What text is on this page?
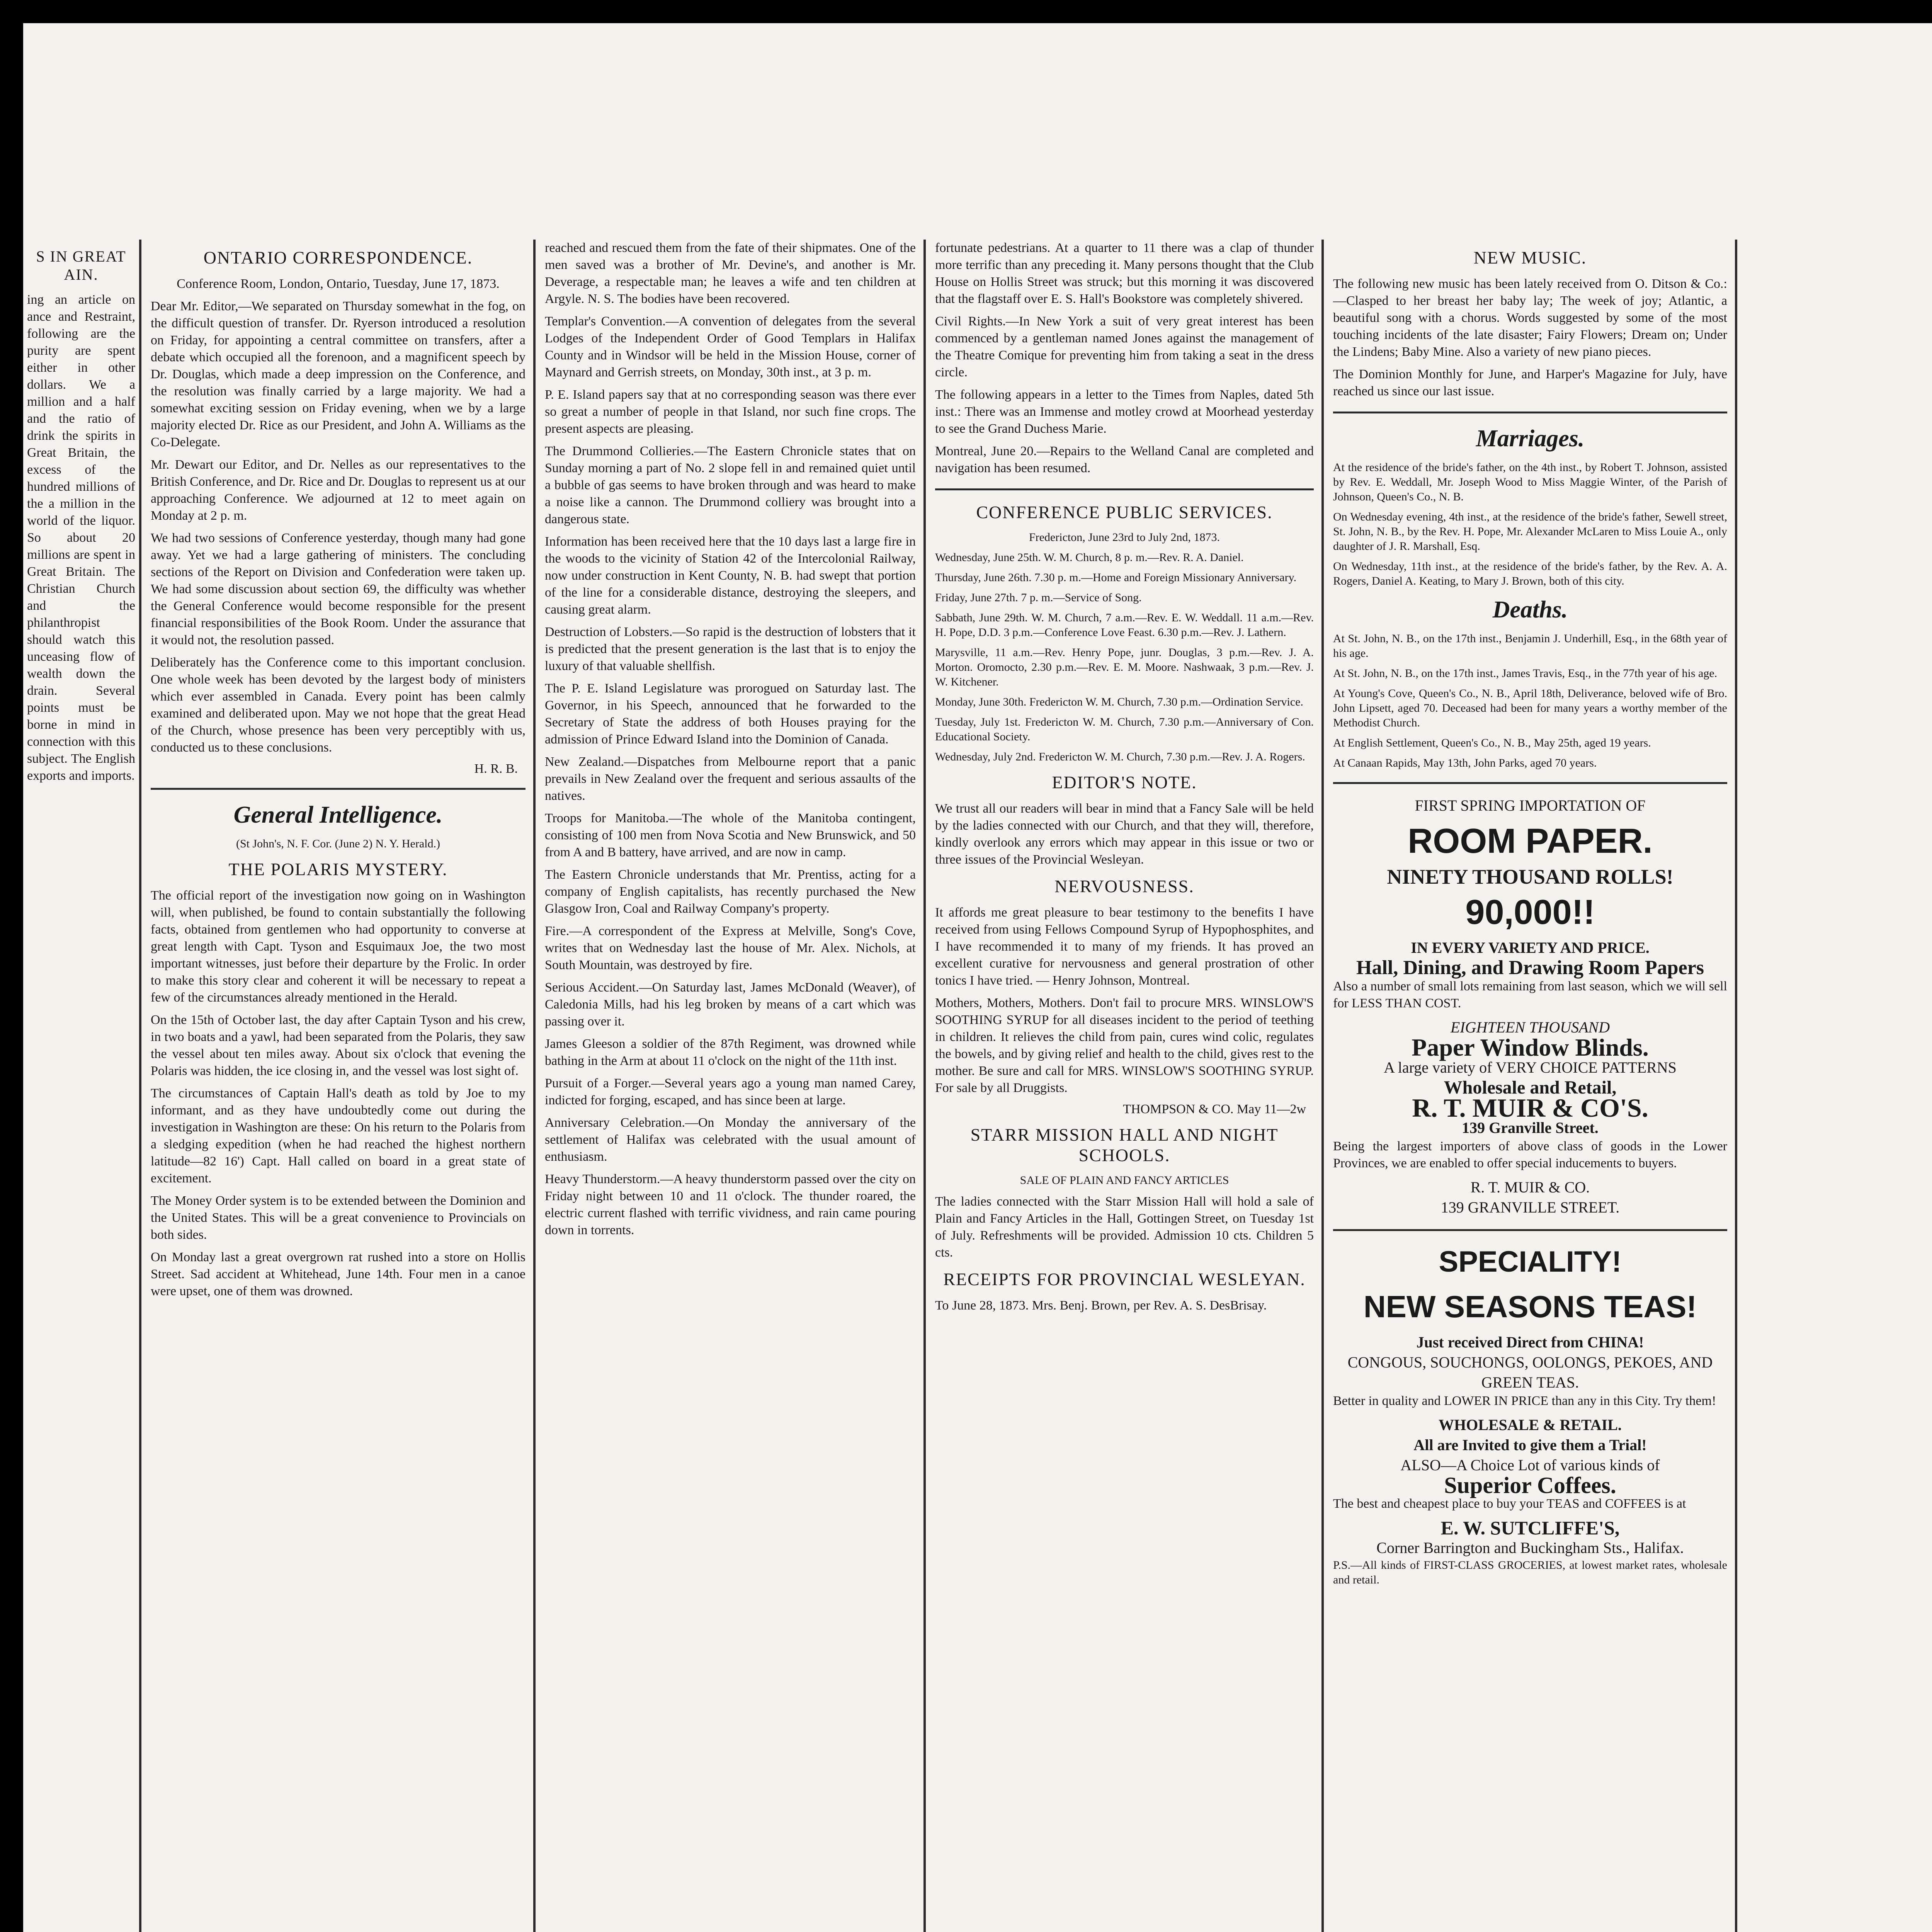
S IN GREAT AIN.

ing an article on ance and Restraint, following are the purity are spent either in other dollars. We a million and a half and the ratio of drink the spirits in Great Britain, the excess of the hundred millions of the a million in the world of the liquor. So about 20 millions are spent in Great Britain. The Christian Church and the philanthropist should watch this unceasing flow of wealth down the drain. Several points must be borne in mind in connection with this subject. The English exports and imports.

ONTARIO CORRESPONDENCE.

Conference Room, London, Ontario, Tuesday, June 17, 1873.

Dear Mr. Editor,—We separated on Thursday somewhat in the fog, on the difficult question of transfer. Dr. Ryerson introduced a resolution on Friday, for appointing a central committee on transfers, after a debate which occupied all the forenoon, and a magnificent speech by Dr. Douglas, which made a deep impression on the Conference, and the resolution was finally carried by a large majority. We had a somewhat exciting session on Friday evening, when we by a large majority elected Dr. Rice as our President, and John A. Williams as the Co-Delegate.

Mr. Dewart our Editor, and Dr. Nelles as our representatives to the British Conference, and Dr. Rice and Dr. Douglas to represent us at our approaching Conference. We adjourned at 12 to meet again on Monday at 2 p. m.

We had two sessions of Conference yesterday, though many had gone away. Yet we had a large gathering of ministers. The concluding sections of the Report on Division and Confederation were taken up. We had some discussion about section 69, the difficulty was whether the General Conference would become responsible for the present financial responsibilities of the Book Room. Under the assurance that it would not, the resolution passed.

Deliberately has the Conference come to this important conclusion. One whole week has been devoted by the largest body of ministers which ever assembled in Canada. Every point has been calmly examined and deliberated upon. May we not hope that the great Head of the Church, whose presence has been very perceptibly with us, conducted us to these conclusions.

H. R. B.

General Intelligence.

(St John's, N. F. Cor. (June 2) N. Y. Herald.)

THE POLARIS MYSTERY.

The official report of the investigation now going on in Washington will, when published, be found to contain substantially the following facts, obtained from gentlemen who had opportunity to converse at great length with Capt. Tyson and Esquimaux Joe, the two most important witnesses, just before their departure by the Frolic. In order to make this story clear and coherent it will be necessary to repeat a few of the circumstances already mentioned in the Herald.

On the 15th of October last, the day after Captain Tyson and his crew, in two boats and a yawl, had been separated from the Polaris, they saw the vessel about ten miles away. About six o'clock that evening the Polaris was hidden, the ice closing in, and the vessel was lost sight of.

The circumstances of Captain Hall's death as told by Joe to my informant, and as they have undoubtedly come out during the investigation in Washington are these: On his return to the Polaris from a sledging expedition (when he had reached the highest northern latitude—82 16') Capt. Hall called on board in a great state of excitement.

The Money Order system is to be extended between the Dominion and the United States. This will be a great convenience to Provincials on both sides.

On Monday last a great overgrown rat rushed into a store on Hollis Street. Sad accident at Whitehead, June 14th. Four men in a canoe were upset, one of them was drowned.

reached and rescued them from the fate of their shipmates. One of the men saved was a brother of Mr. Devine's, and another is Mr. Deverage, a respectable man; he leaves a wife and ten children at Argyle. N. S. The bodies have been recovered.

Templar's Convention.—A convention of delegates from the several Lodges of the Independent Order of Good Templars in Halifax County and in Windsor will be held in the Mission House, corner of Maynard and Gerrish streets, on Monday, 30th inst., at 3 p. m.

P. E. Island papers say that at no corresponding season was there ever so great a number of people in that Island, nor such fine crops. The present aspects are pleasing.

The Drummond Collieries.—The Eastern Chronicle states that on Sunday morning a part of No. 2 slope fell in and remained quiet until a bubble of gas seems to have broken through and was heard to make a noise like a cannon. The Drummond colliery was brought into a dangerous state.

Information has been received here that the 10 days last a large fire in the woods to the vicinity of Station 42 of the Intercolonial Railway, now under construction in Kent County, N. B. had swept that portion of the line for a considerable distance, destroying the sleepers, and causing great alarm.

Destruction of Lobsters.—So rapid is the destruction of lobsters that it is predicted that the present generation is the last that is to enjoy the luxury of that valuable shellfish.

The P. E. Island Legislature was prorogued on Saturday last. The Governor, in his Speech, announced that he forwarded to the Secretary of State the address of both Houses praying for the admission of Prince Edward Island into the Dominion of Canada.

New Zealand.—Dispatches from Melbourne report that a panic prevails in New Zealand over the frequent and serious assaults of the natives.

Troops for Manitoba.—The whole of the Manitoba contingent, consisting of 100 men from Nova Scotia and New Brunswick, and 50 from A and B battery, have arrived, and are now in camp.

The Eastern Chronicle understands that Mr. Prentiss, acting for a company of English capitalists, has recently purchased the New Glasgow Iron, Coal and Railway Company's property.

Fire.—A correspondent of the Express at Melville, Song's Cove, writes that on Wednesday last the house of Mr. Alex. Nichols, at South Mountain, was destroyed by fire.

Serious Accident.—On Saturday last, James McDonald (Weaver), of Caledonia Mills, had his leg broken by means of a cart which was passing over it.

James Gleeson a soldier of the 87th Regiment, was drowned while bathing in the Arm at about 11 o'clock on the night of the 11th inst.

Pursuit of a Forger.—Several years ago a young man named Carey, indicted for forging, escaped, and has since been at large.

Anniversary Celebration.—On Monday the anniversary of the settlement of Halifax was celebrated with the usual amount of enthusiasm.

Heavy Thunderstorm.—A heavy thunderstorm passed over the city on Friday night between 10 and 11 o'clock. The thunder roared, the electric current flashed with terrific vividness, and rain came pouring down in torrents.

fortunate pedestrians. At a quarter to 11 there was a clap of thunder more terrific than any preceding it. Many persons thought that the Club House on Hollis Street was struck; but this morning it was discovered that the flagstaff over E. S. Hall's Bookstore was completely shivered.

Civil Rights.—In New York a suit of very great interest has been commenced by a gentleman named Jones against the management of the Theatre Comique for preventing him from taking a seat in the dress circle.

The following appears in a letter to the Times from Naples, dated 5th inst.: There was an Immense and motley crowd at Moorhead yesterday to see the Grand Duchess Marie.

Montreal, June 20.—Repairs to the Welland Canal are completed and navigation has been resumed.

CONFERENCE PUBLIC SERVICES.

Fredericton, June 23rd to July 2nd, 1873.

Wednesday, June 25th. W. M. Church, 8 p. m.—Rev. R. A. Daniel.

Thursday, June 26th. 7.30 p. m.—Home and Foreign Missionary Anniversary.

Friday, June 27th. 7 p. m.—Service of Song.

Sabbath, June 29th. W. M. Church, 7 a.m.—Rev. E. W. Weddall. 11 a.m.—Rev. H. Pope, D.D. 3 p.m.—Conference Love Feast. 6.30 p.m.—Rev. J. Lathern.

Marysville, 11 a.m.—Rev. Henry Pope, junr. Douglas, 3 p.m.—Rev. J. A. Morton. Oromocto, 2.30 p.m.—Rev. E. M. Moore. Nashwaak, 3 p.m.—Rev. J. W. Kitchener.

Monday, June 30th. Fredericton W. M. Church, 7.30 p.m.—Ordination Service.

Tuesday, July 1st. Fredericton W. M. Church, 7.30 p.m.—Anniversary of Con. Educational Society.

Wednesday, July 2nd. Fredericton W. M. Church, 7.30 p.m.—Rev. J. A. Rogers.

EDITOR'S NOTE.

We trust all our readers will bear in mind that a Fancy Sale will be held by the ladies connected with our Church, and that they will, therefore, kindly overlook any errors which may appear in this issue or two or three issues of the Provincial Wesleyan.

NERVOUSNESS.

It affords me great pleasure to bear testimony to the benefits I have received from using Fellows Compound Syrup of Hypophosphites, and I have recommended it to many of my friends. It has proved an excellent curative for nervousness and general prostration of other tonics I have tried. — Henry Johnson, Montreal.

Mothers, Mothers, Mothers. Don't fail to procure MRS. WINSLOW'S SOOTHING SYRUP for all diseases incident to the period of teething in children. It relieves the child from pain, cures wind colic, regulates the bowels, and by giving relief and health to the child, gives rest to the mother. Be sure and call for MRS. WINSLOW'S SOOTHING SYRUP. For sale by all Druggists.

THOMPSON & CO. May 11—2w

STARR MISSION HALL AND NIGHT SCHOOLS.

SALE OF PLAIN AND FANCY ARTICLES

The ladies connected with the Starr Mission Hall will hold a sale of Plain and Fancy Articles in the Hall, Gottingen Street, on Tuesday 1st of July. Refreshments will be provided. Admission 10 cts. Children 5 cts.

RECEIPTS FOR PROVINCIAL WESLEYAN.

To June 28, 1873. Mrs. Benj. Brown, per Rev. A. S. DesBrisay.

NEW MUSIC.

The following new music has been lately received from O. Ditson & Co.:—Clasped to her breast her baby lay; The week of joy; Atlantic, a beautiful song with a chorus. Words suggested by some of the most touching incidents of the late disaster; Fairy Flowers; Dream on; Under the Lindens; Baby Mine. Also a variety of new piano pieces.

The Dominion Monthly for June, and Harper's Magazine for July, have reached us since our last issue.

Marriages.

At the residence of the bride's father, on the 4th inst., by Robert T. Johnson, assisted by Rev. E. Weddall, Mr. Joseph Wood to Miss Maggie Winter, of the Parish of Johnson, Queen's Co., N. B.

On Wednesday evening, 4th inst., at the residence of the bride's father, Sewell street, St. John, N. B., by the Rev. H. Pope, Mr. Alexander McLaren to Miss Louie A., only daughter of J. R. Marshall, Esq.

On Wednesday, 11th inst., at the residence of the bride's father, by the Rev. A. A. Rogers, Daniel A. Keating, to Mary J. Brown, both of this city.

Deaths.

At St. John, N. B., on the 17th inst., Benjamin J. Underhill, Esq., in the 68th year of his age.

At St. John, N. B., on the 17th inst., James Travis, Esq., in the 77th year of his age.

At Young's Cove, Queen's Co., N. B., April 18th, Deliverance, beloved wife of Bro. John Lipsett, aged 70. Deceased had been for many years a worthy member of the Methodist Church.

At English Settlement, Queen's Co., N. B., May 25th, aged 19 years.

At Canaan Rapids, May 13th, John Parks, aged 70 years.

FIRST SPRING IMPORTATION OF

ROOM PAPER.

NINETY THOUSAND ROLLS!

90,000!!

IN EVERY VARIETY AND PRICE.

Hall, Dining, and Drawing Room Papers

Also a number of small lots remaining from last season, which we will sell for LESS THAN COST.

EIGHTEEN THOUSAND

Paper Window Blinds.

A large variety of VERY CHOICE PATTERNS

Wholesale and Retail,

R. T. MUIR & CO'S.

139 Granville Street.

Being the largest importers of above class of goods in the Lower Provinces, we are enabled to offer special inducements to buyers.

R. T. MUIR & CO.

139 GRANVILLE STREET.

SPECIALITY!
NEW SEASONS TEAS!

Just received Direct from CHINA!

CONGOUS, SOUCHONGS, OOLONGS, PEKOES, AND GREEN TEAS.

Better in quality and LOWER IN PRICE than any in this City. Try them!

WHOLESALE & RETAIL.

All are Invited to give them a Trial!

ALSO—A Choice Lot of various kinds of

Superior Coffees.

The best and cheapest place to buy your TEAS and COFFEES is at

E. W. SUTCLIFFE'S,

Corner Barrington and Buckingham Sts., Halifax.

P.S.—All kinds of FIRST-CLASS GROCERIES, at lowest market rates, wholesale and retail.
